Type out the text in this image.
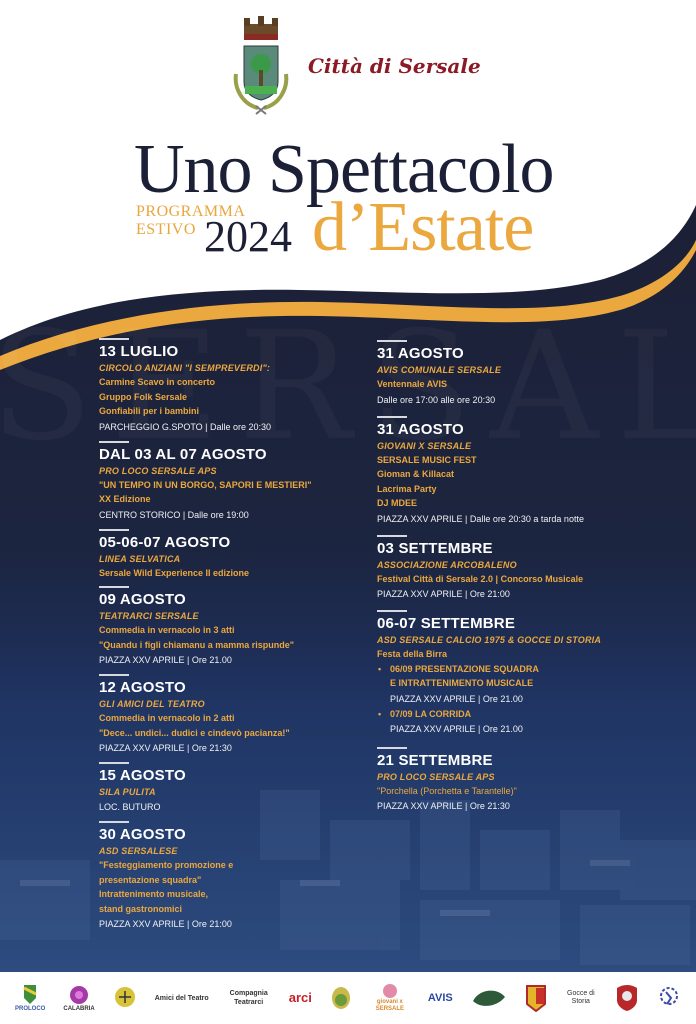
Città di Sersale
Uno Spettacolo
PROGRAMMA
ESTIVO 2024 d’Estate
13 LUGLIO
CIRCOLO ANZIANI "I SEMPREVERDI":
Carmine Scavo in concerto
Gruppo Folk Sersale
Gonfiabili per i bambini
PARCHEGGIO G.SPOTO | Dalle ore 20:30
DAL 03 AL 07 AGOSTO
PRO LOCO SERSALE APS
"UN TEMPO IN UN BORGO, SAPORI E MESTIERI"
XX Edizione
CENTRO STORICO | Dalle ore 19:00
05-06-07 AGOSTO
LINEA SELVATICA
Sersale Wild Experience II edizione
09 AGOSTO
TEATRARCI SERSALE
Commedia in vernacolo in 3 atti
"Quandu i figli chiamanu a mamma rispunde"
PIAZZA XXV APRILE | Ore 21.00
12 AGOSTO
GLI AMICI DEL TEATRO
Commedia in vernacolo in 2 atti
"Dece... undici... dudici e cindevò pacianza!"
PIAZZA XXV APRILE | Ore 21:30
15 AGOSTO
SILA PULITA
LOC. BUTURO
30 AGOSTO
ASD SERSALESE
"Festeggiamento promozione e
presentazione squadra"
Intrattenimento musicale,
stand gastronomici
PIAZZA XXV APRILE | Ore 21:00
31 AGOSTO
AVIS COMUNALE SERSALE
Ventennale AVIS
Dalle ore 17:00 alle ore 20:30
31 AGOSTO
GIOVANI X SERSALE
SERSALE MUSIC FEST
Gioman & Killacat
Lacrima Party
DJ MDEE
PIAZZA XXV APRILE | Dalle ore 20:30 a tarda notte
03 SETTEMBRE
ASSOCIAZIONE ARCOBALENO
Festival Città di Sersale 2.0 | Concorso Musicale
PIAZZA XXV APRILE | Ore 21:00
06-07 SETTEMBRE
ASD SERSALE CALCIO 1975 & GOCCE DI STORIA
Festa della Birra
• 06/09 PRESENTAZIONE SQUADRA
E INTRATTENIMENTO MUSICALE
PIAZZA XXV APRILE | Ore 21.00
• 07/09 LA CORRIDA
PIAZZA XXV APRILE | Ore 21.00
21 SETTEMBRE
PRO LOCO SERSALE APS
"Porchella (Porchetta e Tarantelle)"
PIAZZA XXV APRILE | Ore 21:30
PROLOCO	CALABRIA
Amici del Teatro
Compagnia Teatrarci	arci	giovani x SERSALE
AVIS	Gocce di Storia
